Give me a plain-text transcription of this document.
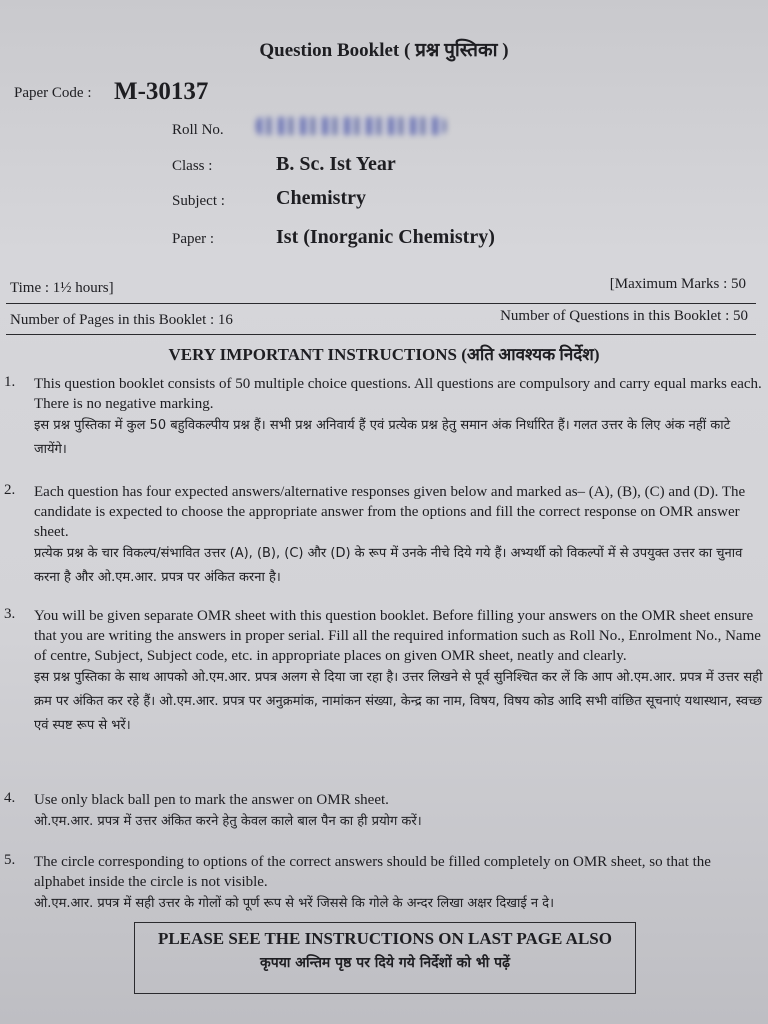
Question Booklet ( प्रश्न पुस्तिका )
Paper Code : M-30137
Roll No.
Class :	B. Sc. Ist Year
Subject :	Chemistry
Paper :	Ist (Inorganic Chemistry)
Time : 1½ hours]	[Maximum Marks : 50
Number of Pages in this Booklet : 16	Number of Questions in this Booklet : 50
VERY IMPORTANT INSTRUCTIONS (अति आवश्यक निर्देश)
1. This question booklet consists of 50 multiple choice questions. All questions are compulsory and carry equal marks each. There is no negative marking.
इस प्रश्न पुस्तिका में कुल 50 बहुविकल्पीय प्रश्न हैं। सभी प्रश्न अनिवार्य हैं एवं प्रत्येक प्रश्न हेतु समान अंक निर्धारित हैं। गलत उत्तर के लिए अंक नहीं काटे जायेंगे।
2. Each question has four expected answers/alternative responses given below and marked as– (A), (B), (C) and (D). The candidate is expected to choose the appropriate answer from the options and fill the correct response on OMR answer sheet.
प्रत्येक प्रश्न के चार विकल्प/संभावित उत्तर (A), (B), (C) और (D) के रूप में उनके नीचे दिये गये हैं। अभ्यर्थी को विकल्पों में से उपयुक्त उत्तर का चुनाव करना है और ओ.एम.आर. प्रपत्र पर अंकित करना है।
3. You will be given separate OMR sheet with this question booklet. Before filling your answers on the OMR sheet ensure that you are writing the answers in proper serial. Fill all the required information such as Roll No., Enrolment No., Name of centre, Subject, Subject code, etc. in appropriate places on given OMR sheet, neatly and clearly.
इस प्रश्न पुस्तिका के साथ आपको ओ.एम.आर. प्रपत्र अलग से दिया जा रहा है। उत्तर लिखने से पूर्व सुनिश्चित कर लें कि आप ओ.एम.आर. प्रपत्र में उत्तर सही क्रम पर अंकित कर रहे हैं। ओ.एम.आर. प्रपत्र पर अनुक्रमांक, नामांकन संख्या, केन्द्र का नाम, विषय, विषय कोड आदि सभी वांछित सूचनाएं यथास्थान, स्वच्छ एवं स्पष्ट रूप से भरें।
4. Use only black ball pen to mark the answer on OMR sheet.
ओ.एम.आर. प्रपत्र में उत्तर अंकित करने हेतु केवल काले बाल पैन का ही प्रयोग करें।
5. The circle corresponding to options of the correct answers should be filled completely on OMR sheet, so that the alphabet inside the circle is not visible.
ओ.एम.आर. प्रपत्र में सही उत्तर के गोलों को पूर्ण रूप से भरें जिससे कि गोले के अन्दर लिखा अक्षर दिखाई न दे।
PLEASE SEE THE INSTRUCTIONS ON LAST PAGE ALSO
कृपया अन्तिम पृष्ठ पर दिये गये निर्देशों को भी पढ़ें
